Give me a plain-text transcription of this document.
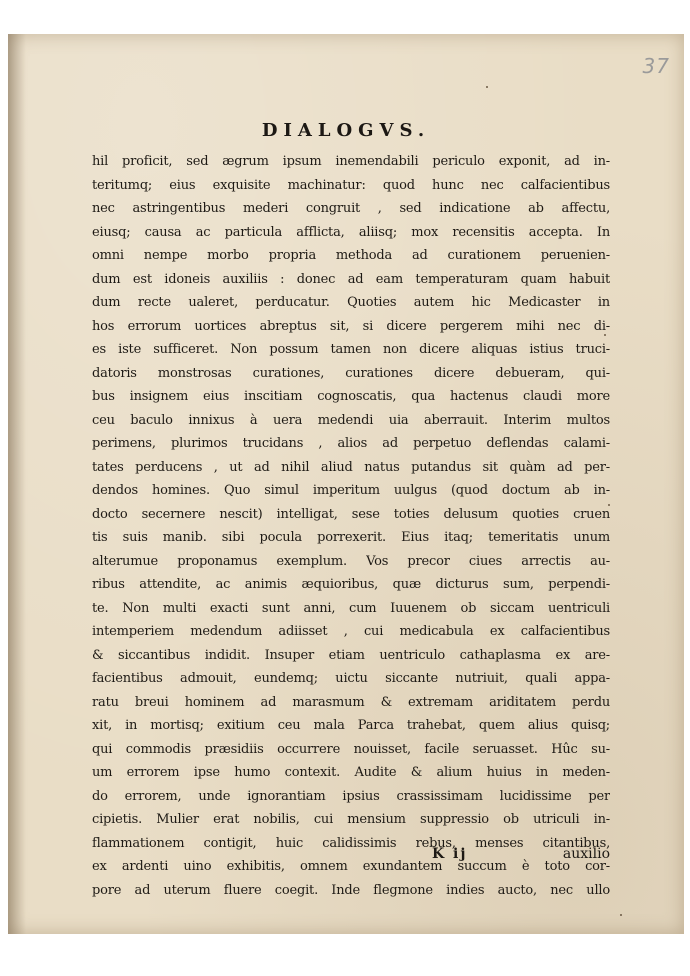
37
DIALOGVS.
hil proficit, sed ægrum ipsum inemendabili periculo exponit, ad in-
teritumq; eius exquisite machinatur: quod hunc nec calfacientibus
nec astringentibus mederi congruit , sed indicatione ab affectu,
eiusq; causa ac particula afflicta, aliisq; mox recensitis accepta. In
omni nempe morbo propria methoda ad curationem peruenien-
dum est idoneis auxiliis : donec ad eam temperaturam quam habuit
dum recte ualeret, perducatur. Quoties autem hic Medicaster in
hos errorum uortices abreptus sit, si dicere pergerem mihi nec di-
es iste sufficeret. Non possum tamen non dicere aliquas istius truci-
datoris monstrosas curationes, curationes dicere debueram, qui-
bus insignem eius inscitiam cognoscatis, qua hactenus claudi more
ceu baculo innixus à uera medendi uia aberrauit. Interim multos
perimens, plurimos trucidans , alios ad perpetuo deflendas calami-
tates perducens , ut ad nihil aliud natus putandus sit quàm ad per-
dendos homines. Quo simul imperitum uulgus (quod doctum ab in-
docto secernere nescit) intelligat, sese toties delusum quoties cruen
tis suis manib. sibi pocula porrexerit. Eius itaq; temeritatis unum
alterumue proponamus exemplum. Vos precor ciues arrectis au-
ribus attendite, ac animis æquioribus, quæ dicturus sum, perpendi-
te. Non multi exacti sunt anni, cum Iuuenem ob siccam uentriculi
intemperiem medendum adiisset , cui medicabula ex calfacientibus
& siccantibus indidit. Insuper etiam uentriculo cathaplasma ex are-
facientibus admouit, eundemq; uictu siccante nutriuit, quali appa-
ratu breui hominem ad marasmum & extremam ariditatem perdu
xit, in mortisq; exitium ceu mala Parca trahebat, quem alius quisq;
qui commodis præsidiis occurrere nouisset, facile seruasset. Hûc su-
um errorem ipse humo contexit. Audite & alium huius in meden-
do errorem, unde ignorantiam ipsius crassissimam lucidissime per
cipietis. Mulier erat nobilis, cui mensium suppressio ob utriculi in-
flammationem contigit, huic calidissimis rebus, menses citantibus,
ex ardenti uino exhibitis, omnem exundantem succum è toto cor-
pore ad uterum fluere coegit. Inde flegmone indies aucto, nec ullo
K ij	auxilio
